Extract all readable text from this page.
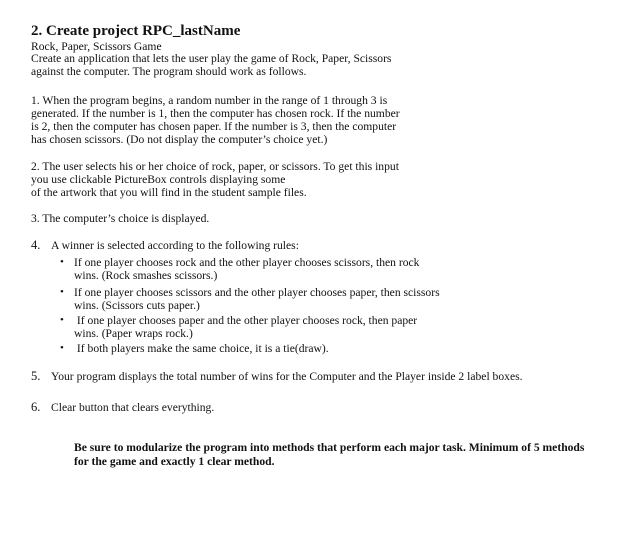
2. Create project RPC_lastName
Rock, Paper, Scissors Game
Create an application that lets the user play the game of Rock, Paper, Scissors
against the computer. The program should work as follows.
1. When the program begins, a random number in the range of 1 through 3 is
generated. If the number is 1, then the computer has chosen rock. If the number
is 2, then the computer has chosen paper. If the number is 3, then the computer
has chosen scissors. (Do not display the computer’s choice yet.)
2. The user selects his or her choice of rock, paper, or scissors. To get this input
you use clickable PictureBox controls displaying some
of the artwork that you will find in the student sample files.
3. The computer’s choice is displayed.
4. A winner is selected according to the following rules:
• If one player chooses rock and the other player chooses scissors, then rock
wins. (Rock smashes scissors.)
• If one player chooses scissors and the other player chooses paper, then scissors
wins. (Scissors cuts paper.)
• If one player chooses paper and the other player chooses rock, then paper
wins. (Paper wraps rock.)
• If both players make the same choice, it is a tie(draw).
5. Your program displays the total number of wins for the Computer and the Player inside 2 label boxes.
6. Clear button that clears everything.
Be sure to modularize the program into methods that perform each major task. Minimum of 5 methods
for the game and exactly 1 clear method.
